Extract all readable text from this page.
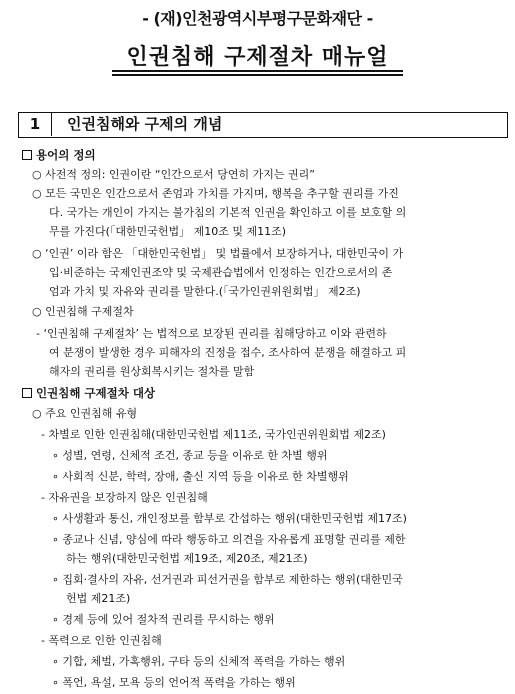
- (재)인천광역시부평구문화재단 -
인권침해 구제절차 매뉴얼
1	인권침해와 구제의 개념
용어의 정의
○ 사전적 정의: 인권이란 “인간으로서 당연히 가지는 권리”
○ 모든 국민은 인간으로서 존엄과 가치를 가지며, 행복을 추구할 권리를 가진
다. 국가는 개인이 가지는 불가침의 기본적 인권을 확인하고 이를 보호할 의
무를 가진다(「대한민국헌법」 제10조 및 제11조)
○ ‘인권’ 이라 함은 「대한민국헌법」 및 법률에서 보장하거나, 대한민국이 가
입·비준하는 국제인권조약 및 국제관습법에서 인정하는 인간으로서의 존
엄과 가치 및 자유와 권리를 말한다.(「국가인권위원회법」 제2조)
○ 인권침해 구제절차
- ‘인권침해 구제절차’ 는 법적으로 보장된 권리를 침해당하고 이와 관련하
여 분쟁이 발생한 경우 피해자의 진정을 접수, 조사하여 분쟁을 해결하고 피
해자의 권리를 원상회복시키는 절차를 말함
인권침해 구제절차 대상
○ 주요 인권침해 유형
- 차별로 인한 인권침해(대한민국헌법 제11조, 국가인권위원회법 제2조)
∘ 성별, 연령, 신체적 조건, 종교 등을 이유로 한 차별 행위
∘ 사회적 신분, 학력, 장애, 출신 지역 등을 이유로 한 차별행위
- 자유권을 보장하지 않은 인권침해
∘ 사생활과 통신, 개인정보를 함부로 간섭하는 행위(대한민국헌법 제17조)
∘ 종교나 신념, 양심에 따라 행동하고 의견을 자유롭게 표명할 권리를 제한
하는 행위(대한민국헌법 제19조, 제20조, 제21조)
∘ 집회·결사의 자유, 선거권과 피선거권을 함부로 제한하는 행위(대한민국
헌법 제21조)
∘ 경제 등에 있어 절차적 권리를 무시하는 행위
- 폭력으로 인한 인권침해
∘ 기합, 체벌, 가혹행위, 구타 등의 신체적 폭력을 가하는 행위
∘ 폭언, 욕설, 모욕 등의 언어적 폭력을 가하는 행위
